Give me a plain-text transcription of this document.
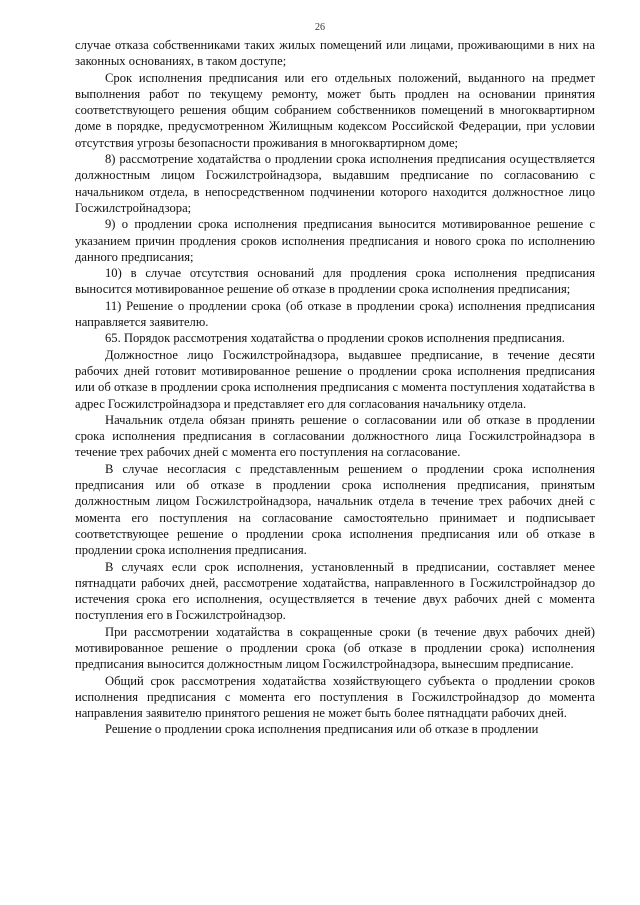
26

случае отказа собственниками таких жилых помещений или лицами, проживающими в них на законных основаниях, в таком доступе;

Срок исполнения предписания или его отдельных положений, выданного на предмет выполнения работ по текущему ремонту, может быть продлен на основании принятия соответствующего решения общим собранием собственников помещений в многоквартирном доме в порядке, предусмотренном Жилищным кодексом Российской Федерации, при условии отсутствия угрозы безопасности проживания в многоквартирном доме;

8) рассмотрение ходатайства о продлении срока исполнения предписания осуществляется должностным лицом Госжилстройнадзора, выдавшим предписание по согласованию с начальником отдела, в непосредственном подчинении которого находится должностное лицо Госжилстройнадзора;

9) о продлении срока исполнения предписания выносится мотивированное решение с указанием причин продления сроков исполнения предписания и нового срока по исполнению данного предписания;

10) в случае отсутствия оснований для продления срока исполнения предписания выносится мотивированное решение об отказе в продлении срока исполнения предписания;

11) Решение о продлении срока (об отказе в продлении срока) исполнения предписания направляется заявителю.

65. Порядок рассмотрения ходатайства о продлении сроков исполнения предписания.

Должностное лицо Госжилстройнадзора, выдавшее предписание, в течение десяти рабочих дней готовит мотивированное решение о продлении срока исполнения предписания или об отказе в продлении срока исполнения предписания с момента поступления ходатайства в адрес Госжилстройнадзора и представляет его для согласования начальнику отдела.

Начальник отдела обязан принять решение о согласовании или об отказе в продлении срока исполнения предписания в согласовании должностного лица Госжилстройнадзора в течение трех рабочих дней с момента его поступления на согласование.

В случае несогласия с представленным решением о продлении срока исполнения предписания или об отказе в продлении срока исполнения предписания, принятым должностным лицом Госжилстройнадзора, начальник отдела в течение трех рабочих дней с момента его поступления на согласование самостоятельно принимает и подписывает соответствующее решение о продлении срока исполнения предписания или об отказе в продлении срока исполнения предписания.

В случаях если срок исполнения, установленный в предписании, составляет менее пятнадцати рабочих дней, рассмотрение ходатайства, направленного в Госжилстройнадзор до истечения срока его исполнения, осуществляется в течение двух рабочих дней с момента поступления его в Госжилстройнадзор.

При рассмотрении ходатайства в сокращенные сроки (в течение двух рабочих дней) мотивированное решение о продлении срока (об отказе в продлении срока) исполнения предписания выносится должностным лицом Госжилстройнадзора, вынесшим предписание.

Общий срок рассмотрения ходатайства хозяйствующего субъекта о продлении сроков исполнения предписания с момента его поступления в Госжилстройнадзор до момента направления заявителю принятого решения не может быть более пятнадцати рабочих дней.

Решение о продлении срока исполнения предписания или об отказе в продлении
